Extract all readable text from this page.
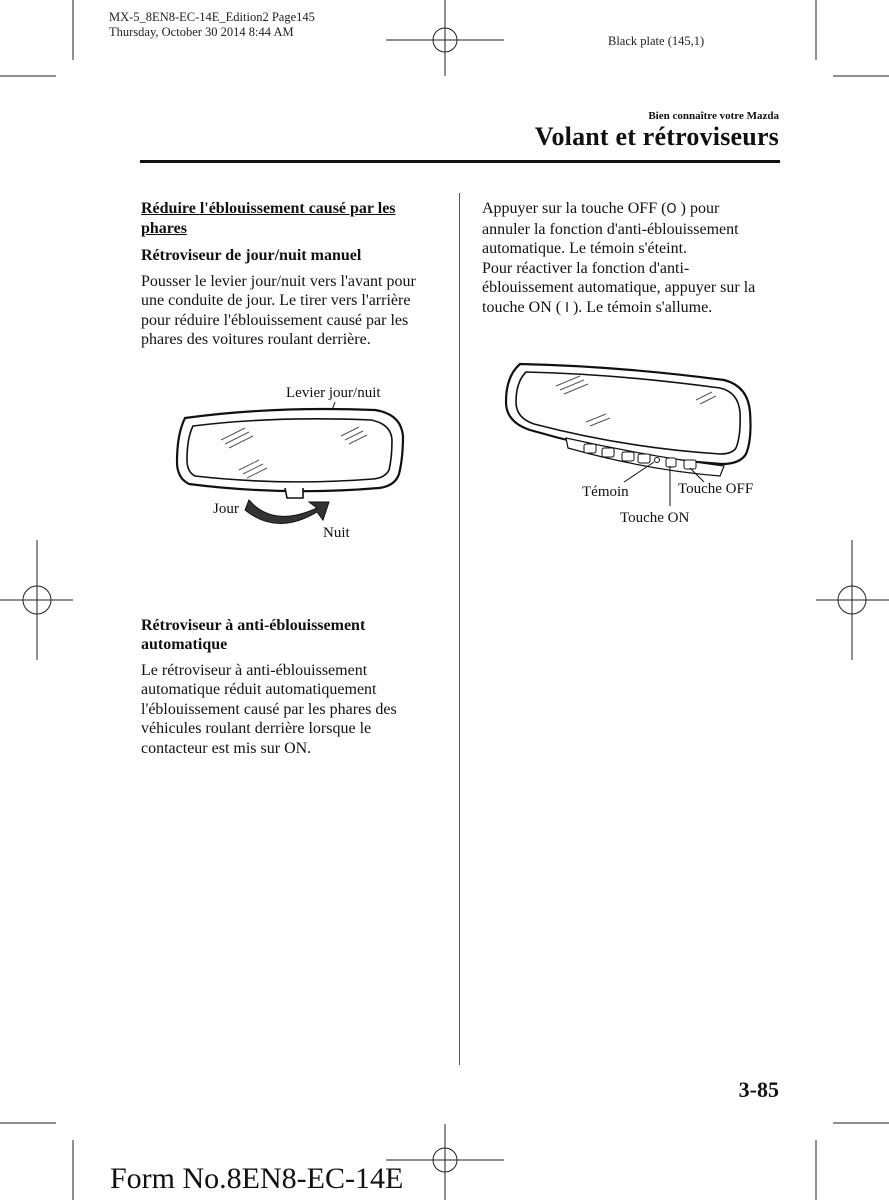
MX-5_8EN8-EC-14E_Edition2 Page145
Thursday, October 30 2014 8:44 AM
Black plate (145,1)
Bien connaître votre Mazda
Volant et rétroviseurs

Réduire l'éblouissement causé par les phares

Rétroviseur de jour/nuit manuel

Pousser le levier jour/nuit vers l'avant pour une conduite de jour. Le tirer vers l'arrière pour réduire l'éblouissement causé par les phares des voitures roulant derrière.

Levier jour/nuit
Jour
Nuit

Rétroviseur à anti-éblouissement automatique

Le rétroviseur à anti-éblouissement automatique réduit automatiquement l'éblouissement causé par les phares des véhicules roulant derrière lorsque le contacteur est mis sur ON.

Appuyer sur la touche OFF (O ) pour annuler la fonction d'anti-éblouissement automatique. Le témoin s'éteint.

Pour réactiver la fonction d'anti-éblouissement automatique, appuyer sur la touche ON ( I ). Le témoin s'allume.

Témoin	Touche OFF
Touche ON
3-85
Form No.8EN8-EC-14E
